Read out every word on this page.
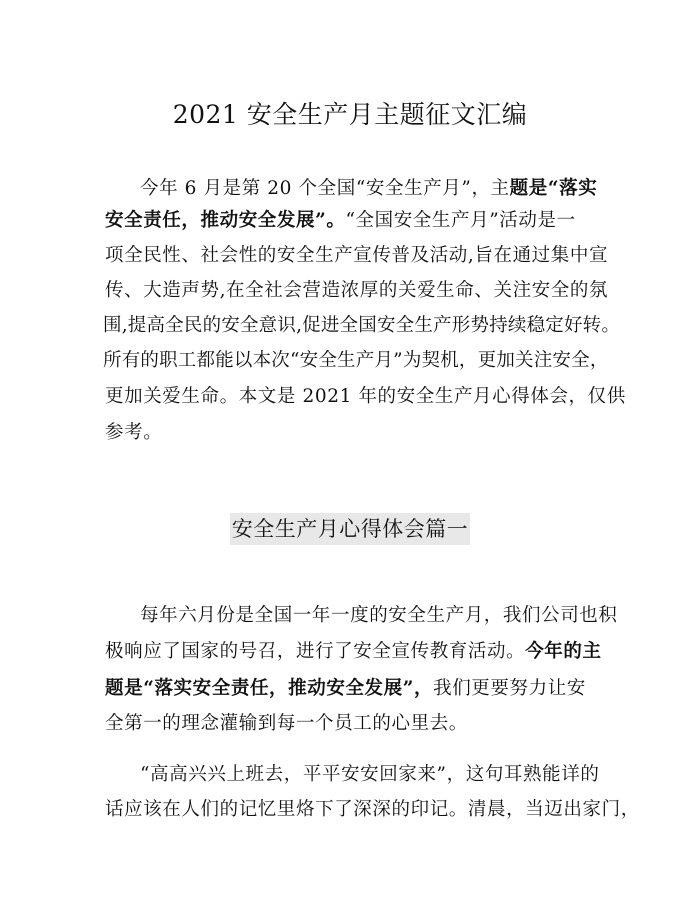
2021 安全生产月主题征文汇编
今年 6 月是第 20 个全国“安全生产月”，主题是“落实
安全责任，推动安全发展”。“全国安全生产月”活动是一
项全民性、社会性的安全生产宣传普及活动,旨在通过集中宣
传、大造声势,在全社会营造浓厚的关爱生命、关注安全的氛
围,提高全民的安全意识,促进全国安全生产形势持续稳定好转。
所有的职工都能以本次“安全生产月”为契机，更加关注安全，
更加关爱生命。本文是 2021 年的安全生产月心得体会，仅供
参考。
安全生产月心得体会篇一
每年六月份是全国一年一度的安全生产月，我们公司也积
极响应了国家的号召，进行了安全宣传教育活动。今年的主
题是“落实安全责任，推动安全发展”，我们更要努力让安
全第一的理念灌输到每一个员工的心里去。
“高高兴兴上班去，平平安安回家来”，这句耳熟能详的
话应该在人们的记忆里烙下了深深的印记。清晨，当迈出家门，
